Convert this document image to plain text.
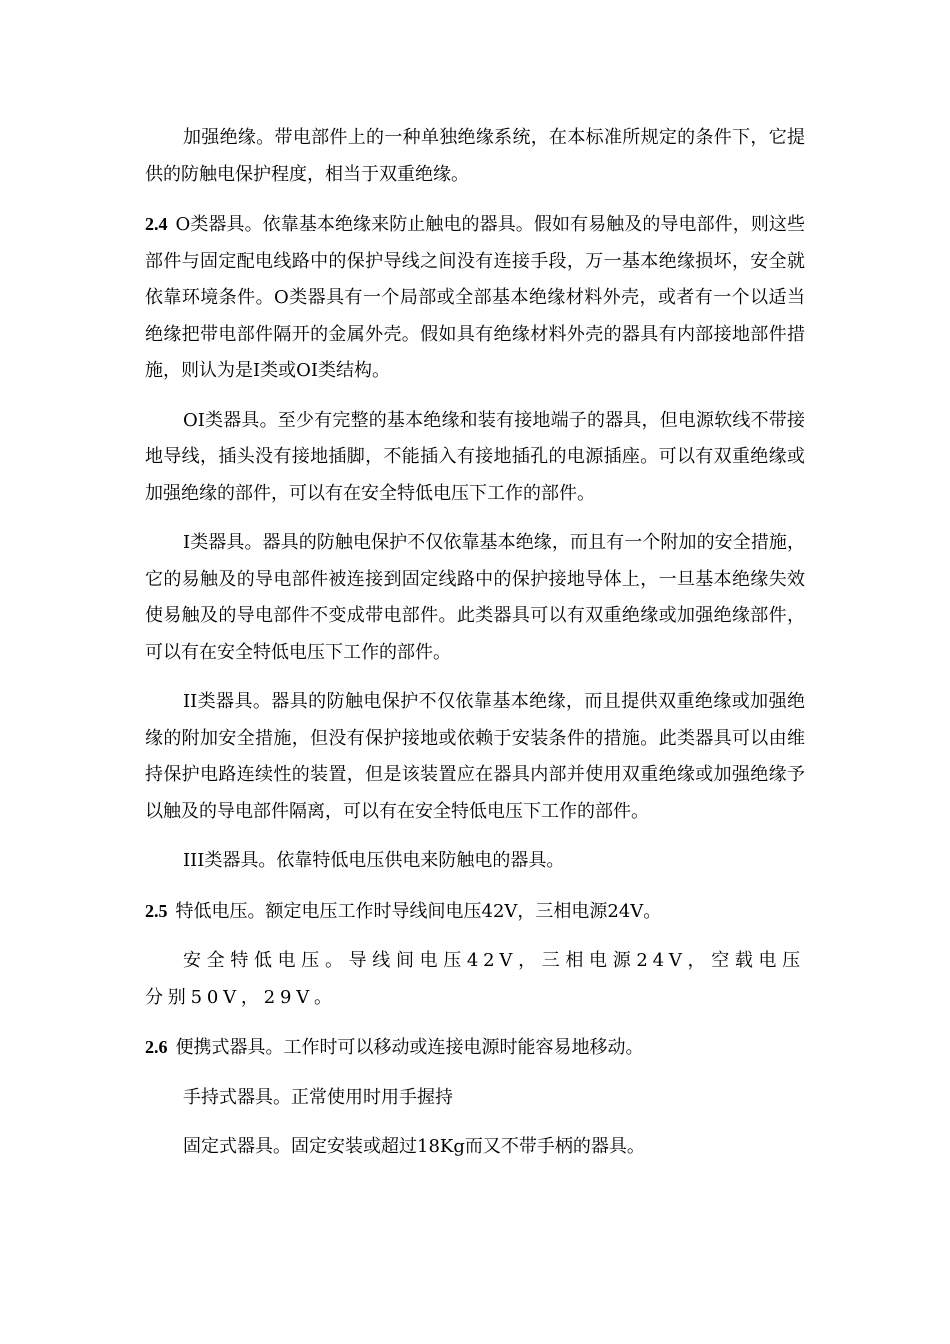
加强绝缘。带电部件上的一种单独绝缘系统，在本标准所规定的条件下，它提供的防触电保护程度，相当于双重绝缘。

2.4 O类器具。依靠基本绝缘来防止触电的器具。假如有易触及的导电部件，则这些部件与固定配电线路中的保护导线之间没有连接手段，万一基本绝缘损坏，安全就依靠环境条件。O类器具有一个局部或全部基本绝缘材料外壳，或者有一个以适当绝缘把带电部件隔开的金属外壳。假如具有绝缘材料外壳的器具有内部接地部件措施，则认为是I类或OI类结构。

OI类器具。至少有完整的基本绝缘和装有接地端子的器具，但电源软线不带接地导线，插头没有接地插脚，不能插入有接地插孔的电源插座。可以有双重绝缘或加强绝缘的部件，可以有在安全特低电压下工作的部件。

I类器具。器具的防触电保护不仅依靠基本绝缘，而且有一个附加的安全措施，它的易触及的导电部件被连接到固定线路中的保护接地导体上，一旦基本绝缘失效使易触及的导电部件不变成带电部件。此类器具可以有双重绝缘或加强绝缘部件，可以有在安全特低电压下工作的部件。

II类器具。器具的防触电保护不仅依靠基本绝缘，而且提供双重绝缘或加强绝缘的附加安全措施，但没有保护接地或依赖于安装条件的措施。此类器具可以由维持保护电路连续性的装置，但是该装置应在器具内部并使用双重绝缘或加强绝缘予以触及的导电部件隔离，可以有在安全特低电压下工作的部件。

III类器具。依靠特低电压供电来防触电的器具。

2.5 特低电压。额定电压工作时导线间电压42V，三相电源24V。

安全特低电压。导线间电压42V，三相电源24V，空载电压分别50V，29V。

2.6 便携式器具。工作时可以移动或连接电源时能容易地移动。

手持式器具。正常使用时用手握持

固定式器具。固定安装或超过18Kg而又不带手柄的器具。
